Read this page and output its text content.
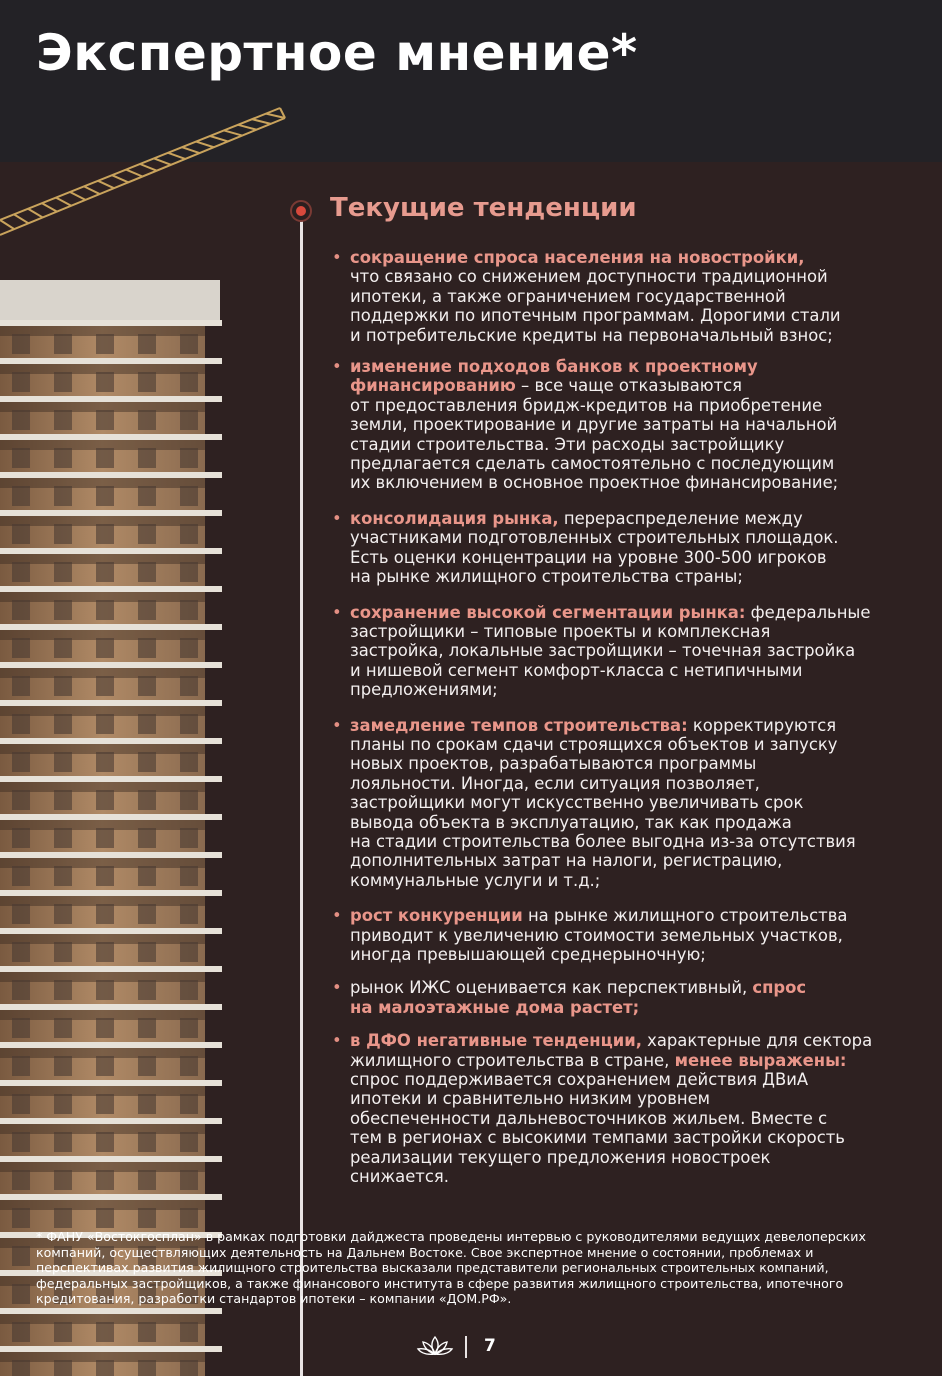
Экспертное мнение*
Текущие тенденции
• сокращение спроса населения на новостройки,
что связано со снижением доступности традиционной
ипотеки, а также ограничением государственной
поддержки по ипотечным программам. Дорогими стали
и потребительские кредиты на первоначальный взнос;
• изменение подходов банков к проектному
финансированию – все чаще отказываются
от предоставления бридж-кредитов на приобретение
земли, проектирование и другие затраты на начальной
стадии строительства. Эти расходы застройщику
предлагается сделать самостоятельно с последующим
их включением в основное проектное финансирование;
• консолидация рынка, перераспределение между
участниками подготовленных строительных площадок.
Есть оценки концентрации на уровне 300-500 игроков
на рынке жилищного строительства страны;
• сохранение высокой сегментации рынка: федеральные
застройщики – типовые проекты и комплексная
застройка, локальные застройщики – точечная застройка
и нишевой сегмент комфорт-класса с нетипичными
предложениями;
• замедление темпов строительства: корректируются
планы по срокам сдачи строящихся объектов и запуску
новых проектов, разрабатываются программы
лояльности. Иногда, если ситуация позволяет,
застройщики могут искусственно увеличивать срок
вывода объекта в эксплуатацию, так как продажа
на стадии строительства более выгодна из-за отсутствия
дополнительных затрат на налоги, регистрацию,
коммунальные услуги и т.д.;
• рост конкуренции на рынке жилищного строительства
приводит к увеличению стоимости земельных участков,
иногда превышающей среднерыночную;
• рынок ИЖС оценивается как перспективный, спрос
на малоэтажные дома растет;
• в ДФО негативные тенденции, характерные для сектора
жилищного строительства в стране, менее выражены:
спрос поддерживается сохранением действия ДВиА
ипотеки и сравнительно низким уровнем
обеспеченности дальневосточников жильем. Вместе с
тем в регионах с высокими темпами застройки скорость
реализации текущего предложения новостроек
снижается.

* ФАНУ «Востокгосплан» в рамках подготовки дайджеста проведены интервью с руководителями ведущих девелоперских компаний, осуществляющих деятельность на Дальнем Востоке. Свое экспертное мнение о состоянии, проблемах и перспективах развития жилищного строительства высказали представители региональных строительных компаний, федеральных застройщиков, а также финансового института в сфере развития жилищного строительства, ипотечного кредитования, разработки стандартов ипотеки – компании «ДОМ.РФ».

7
